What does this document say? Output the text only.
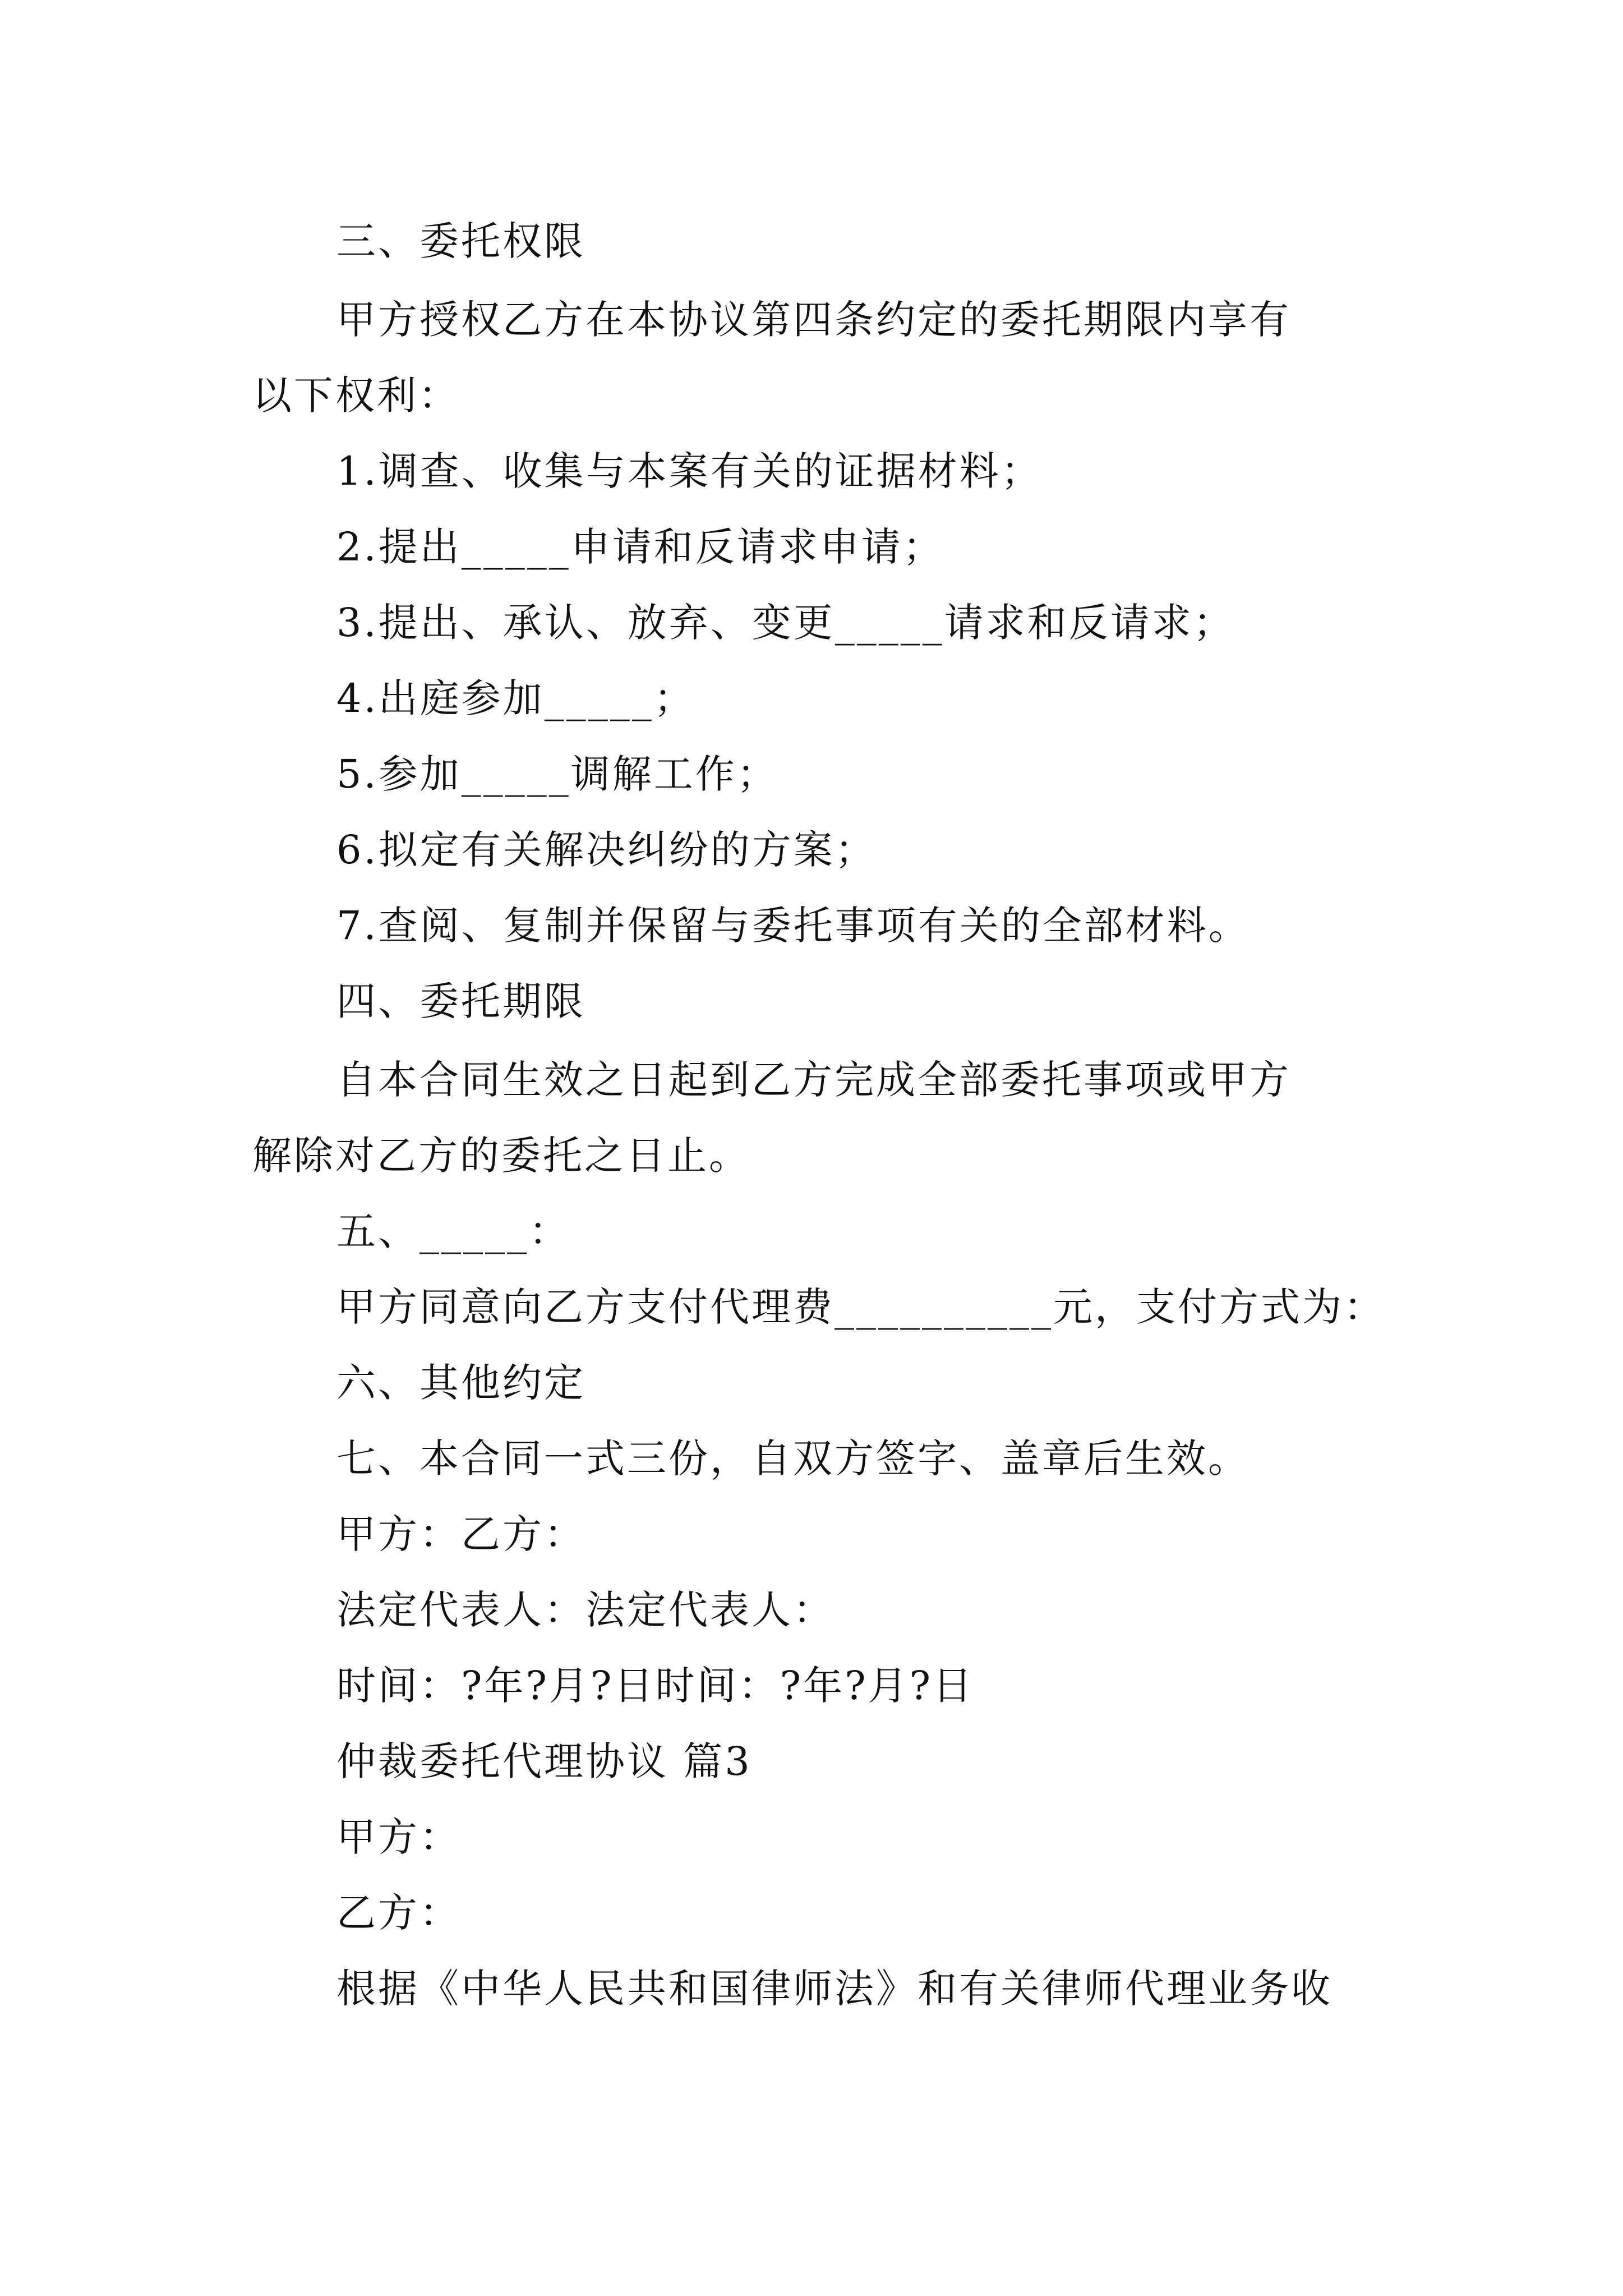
三、委托权限
甲方授权乙方在本协议第四条约定的委托期限内享有
以下权利：
1.调查、收集与本案有关的证据材料；
2.提出_____申请和反请求申请；
3.提出、承认、放弃、变更_____请求和反请求；
4.出庭参加_____；
5.参加_____调解工作；
6.拟定有关解决纠纷的方案；
7.查阅、复制并保留与委托事项有关的全部材料。
四、委托期限
自本合同生效之日起到乙方完成全部委托事项或甲方
解除对乙方的委托之日止。
五、_____：
甲方同意向乙方支付代理费__________元，支付方式为：
六、其他约定
七、本合同一式三份，自双方签字、盖章后生效。
甲方：乙方：
法定代表人：法定代表人：
时间：?年?月?日时间：?年?月?日
仲裁委托代理协议 篇3
甲方：
乙方：
根据《中华人民共和国律师法》和有关律师代理业务收
